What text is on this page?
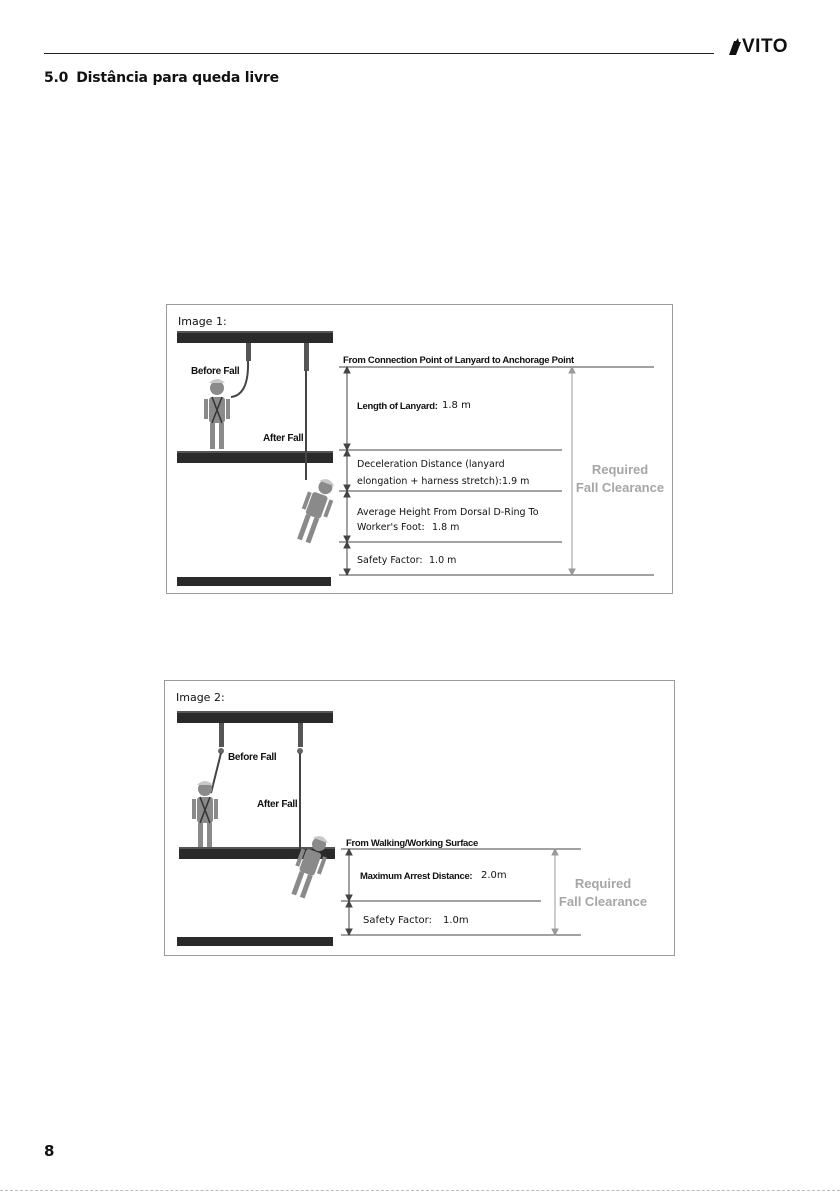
VITO
5.0 Distância para queda livre
Image 1:
Before Fall
After Fall
From Connection Point of Lanyard to Anchorage Point
Length of Lanyard: 1.8 m
Deceleration Distance (lanyard
elongation + harness stretch): 1.9 m
Average Height From Dorsal D-Ring To
Worker's Foot: 1.8 m
Safety Factor: 1.0 m
Required
Fall Clearance
Image 2:
Before Fall
After Fall
From Walking/Working Surface
Maximum Arrest Distance: 2.0m
Safety Factor: 1.0m
Required
Fall Clearance
8
